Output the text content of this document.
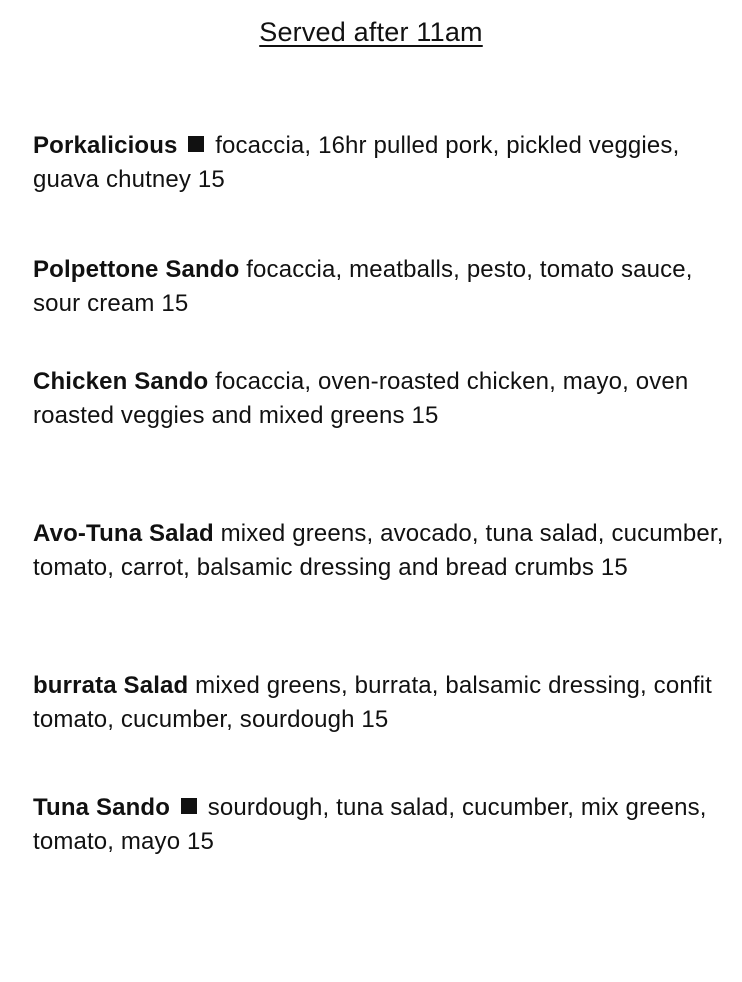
Served after 11am
Porkalicious focaccia, 16hr pulled pork, pickled veggies, guava chutney 15
Polpettone Sando focaccia, meatballs, pesto, tomato sauce, sour cream 15
Chicken Sando focaccia, oven-roasted chicken, mayo, oven roasted veggies and mixed greens 15
Avo-Tuna Salad mixed greens, avocado, tuna salad, cucumber, tomato, carrot, balsamic dressing and bread crumbs 15
burrata Salad mixed greens, burrata, balsamic dressing, confit tomato, cucumber, sourdough 15
Tuna Sando sourdough, tuna salad, cucumber, mix greens, tomato, mayo 15
